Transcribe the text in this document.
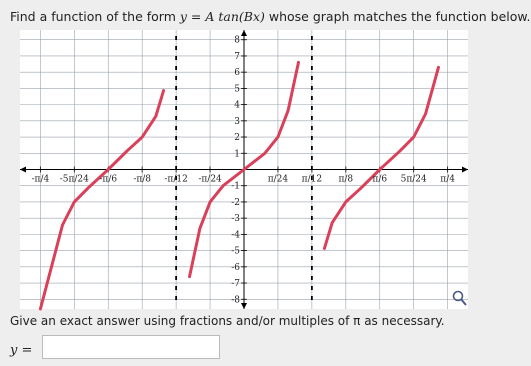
Find a function of the form y = A tan(Bx) whose graph matches the function below.
-8
-7
-6
-5
-4
-3
-2
-1
1
2
3
4
5
6
7
8
-π/4 -5π/24 -π/6 -π/8 -π/12 -π/24	π/24 π/12 π/8 π/6 5π/24 π/4
Give an exact answer using fractions and/or multiples of π as necessary.
y =
